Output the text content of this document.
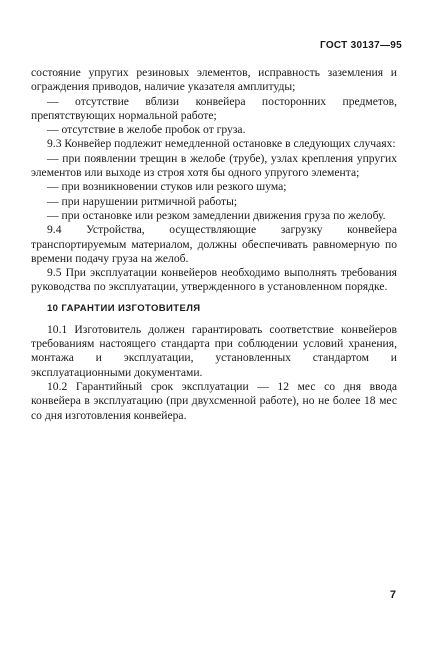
ГОСТ 30137—95

состояние упругих резиновых элементов, исправность заземления и ограждения приводов, наличие указателя амплитуды;

— отсутствие вблизи конвейера посторонних предметов, препятствующих нормальной работе;

— отсутствие в желобе пробок от груза.

9.3 Конвейер подлежит немедленной остановке в следующих случаях:

— при появлении трещин в желобе (трубе), узлах крепления упругих элементов или выходе из строя хотя бы одного упругого элемента;

— при возникновении стуков или резкого шума;

— при нарушении ритмичной работы;

— при остановке или резком замедлении движения груза по желобу.

9.4 Устройства, осуществляющие загрузку конвейера транспортируемым материалом, должны обеспечивать равномерную по времени подачу груза на желоб.

9.5 При эксплуатации конвейеров необходимо выполнять требования руководства по эксплуатации, утвержденного в установленном порядке.

10 ГАРАНТИИ ИЗГОТОВИТЕЛЯ

10.1 Изготовитель должен гарантировать соответствие конвейеров требованиям настоящего стандарта при соблюдении условий хранения, монтажа и эксплуатации, установленных стандартом и эксплуатационными документами.

10.2 Гарантийный срок эксплуатации — 12 мес со дня ввода конвейера в эксплуатацию (при двухсменной работе), но не более 18 мес со дня изготовления конвейера.

7
